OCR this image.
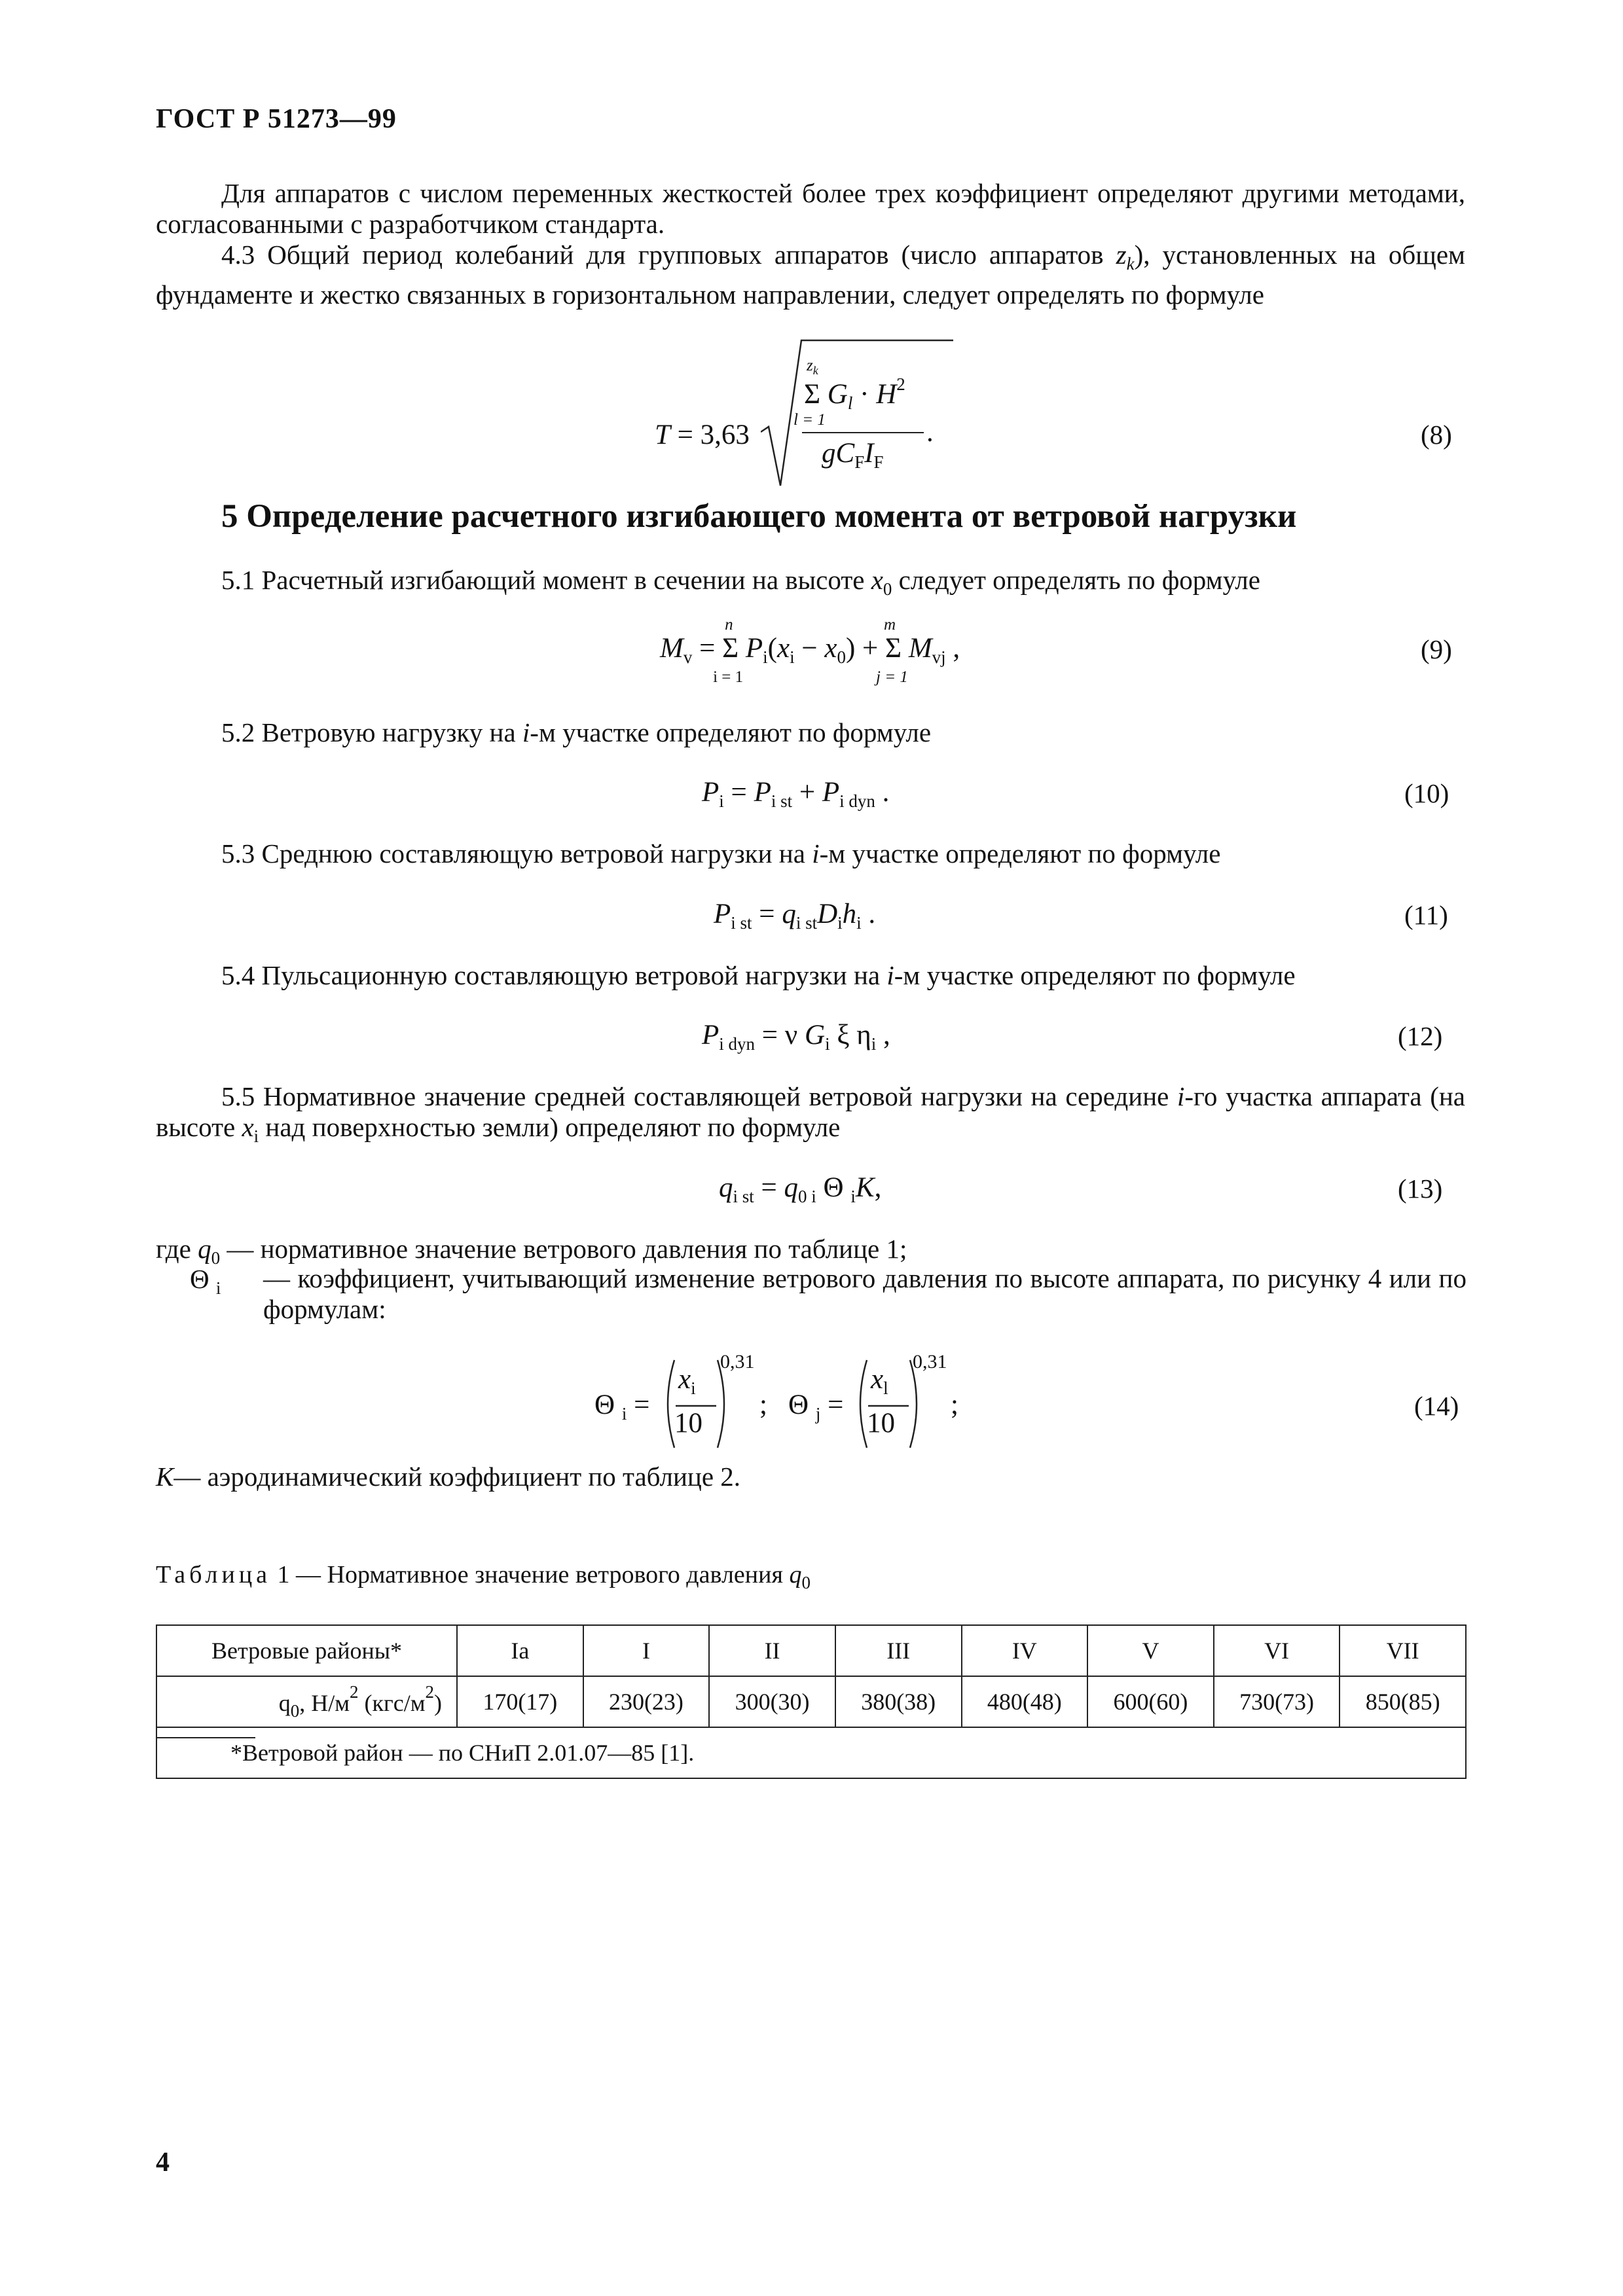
ГОСТ Р 51273—99
Для аппаратов с числом переменных жесткостей более трех коэффициент определяют другими методами, согласованными с разработчиком стандарта.
4.3 Общий период колебаний для групповых аппаратов (число аппаратов $z_k$), установленных на общем фундаменте и жестко связанных в горизонтальном направлении, следует определять по формуле
T = 3,63
$z_k$
Σ $G_l \cdot H^2$
l = 1
$gC_FI_F$
.	(8)
5 Определение расчетного изгибающего момента от ветровой нагрузки
5.1 Расчетный изгибающий момент в сечении на высоте $x_0$ следует определять по формуле
$M_v = \Sigma$
n
i = 1
$P_i(x_i - x_0) + \Sigma$
m
j = 1
$M_{vj}$ ,	(9)
5.2 Ветровую нагрузку на i-м участке определяют по формуле
$P_i = P_{i st} + P_{i dyn}$ .	(10)
5.3 Среднюю составляющую ветровой нагрузки на i-м участке определяют по формуле
$P_{i st} = q_{i st}D_ih_i$ .	(11)
5.4 Пульсационную составляющую ветровой нагрузки на i-м участке определяют по формуле
$P_{i dyn} = \nu$ $G_i$ ξ $\eta_i$ ,	(12)
5.5 Нормативное значение средней составляющей ветровой нагрузки на середине i-го участка аппарата (на высоте $x_i$ над поверхностью земли) определяют по формуле
$q_{i st} = q_{0 i}$ Θ $_i$K,	(13)
где $q_0$ — нормативное значение ветрового давления по таблице 1;
Θ $_i$ — коэффициент, учитывающий изменение ветрового давления по высоте аппарата, по рисунку 4 или по формулам:
Θ $_i$ =
$x_i$
10
0,31
; Θ $_j$ =
$x_l$
10
0,31
;	(14)
K— аэродинамический коэффициент по таблице 2.
Таблица 1 — Нормативное значение ветрового давления $q_0$
Ветровые районы*	Ia	I	II	III	IV	V	VI	VII
$q_0$, $Н/м^2$ $(кгс/м^2)$	170(17)	230(23)	300(30)	380(38)	480(48)	600(60)	730(73)	850(85)

*Ветровой район — по СНиП 2.01.07—85 [1].								
4
